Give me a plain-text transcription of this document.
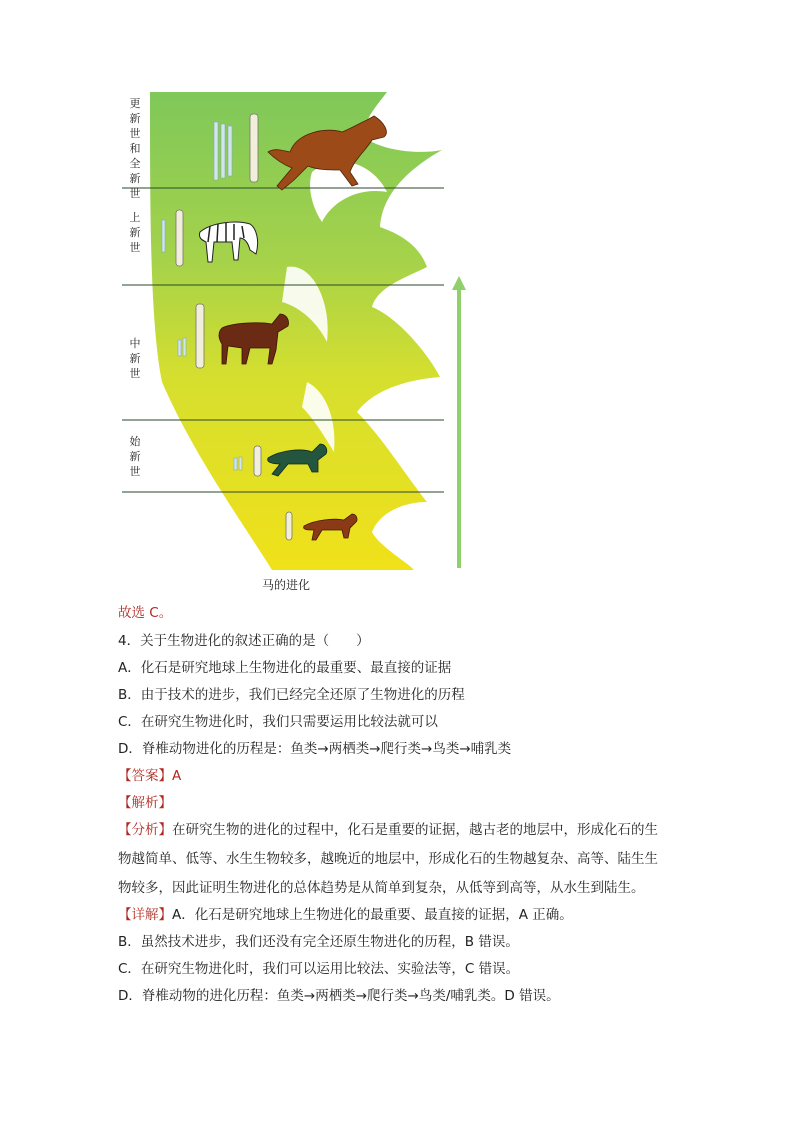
更新世和全新世
上新世
中新世
始新世
马的进化
故选 C。
4．关于生物进化的叙述正确的是（　　）
A．化石是研究地球上生物进化的最重要、最直接的证据
B．由于技术的进步，我们已经完全还原了生物进化的历程
C．在研究生物进化时，我们只需要运用比较法就可以
D．脊椎动物进化的历程是：鱼类→两栖类→爬行类→鸟类→哺乳类
【答案】A
【解析】
【分析】在研究生物的进化的过程中，化石是重要的证据，越古老的地层中，形成化石的生
物越简单、低等、水生生物较多，越晚近的地层中，形成化石的生物越复杂、高等、陆生生
物较多，因此证明生物进化的总体趋势是从简单到复杂，从低等到高等，从水生到陆生。
【详解】A．化石是研究地球上生物进化的最重要、最直接的证据，A 正确。
B．虽然技术进步，我们还没有完全还原生物进化的历程，B 错误。
C．在研究生物进化时，我们可以运用比较法、实验法等，C 错误。
D．脊椎动物的进化历程：鱼类→两栖类→爬行类→鸟类/哺乳类。D 错误。
